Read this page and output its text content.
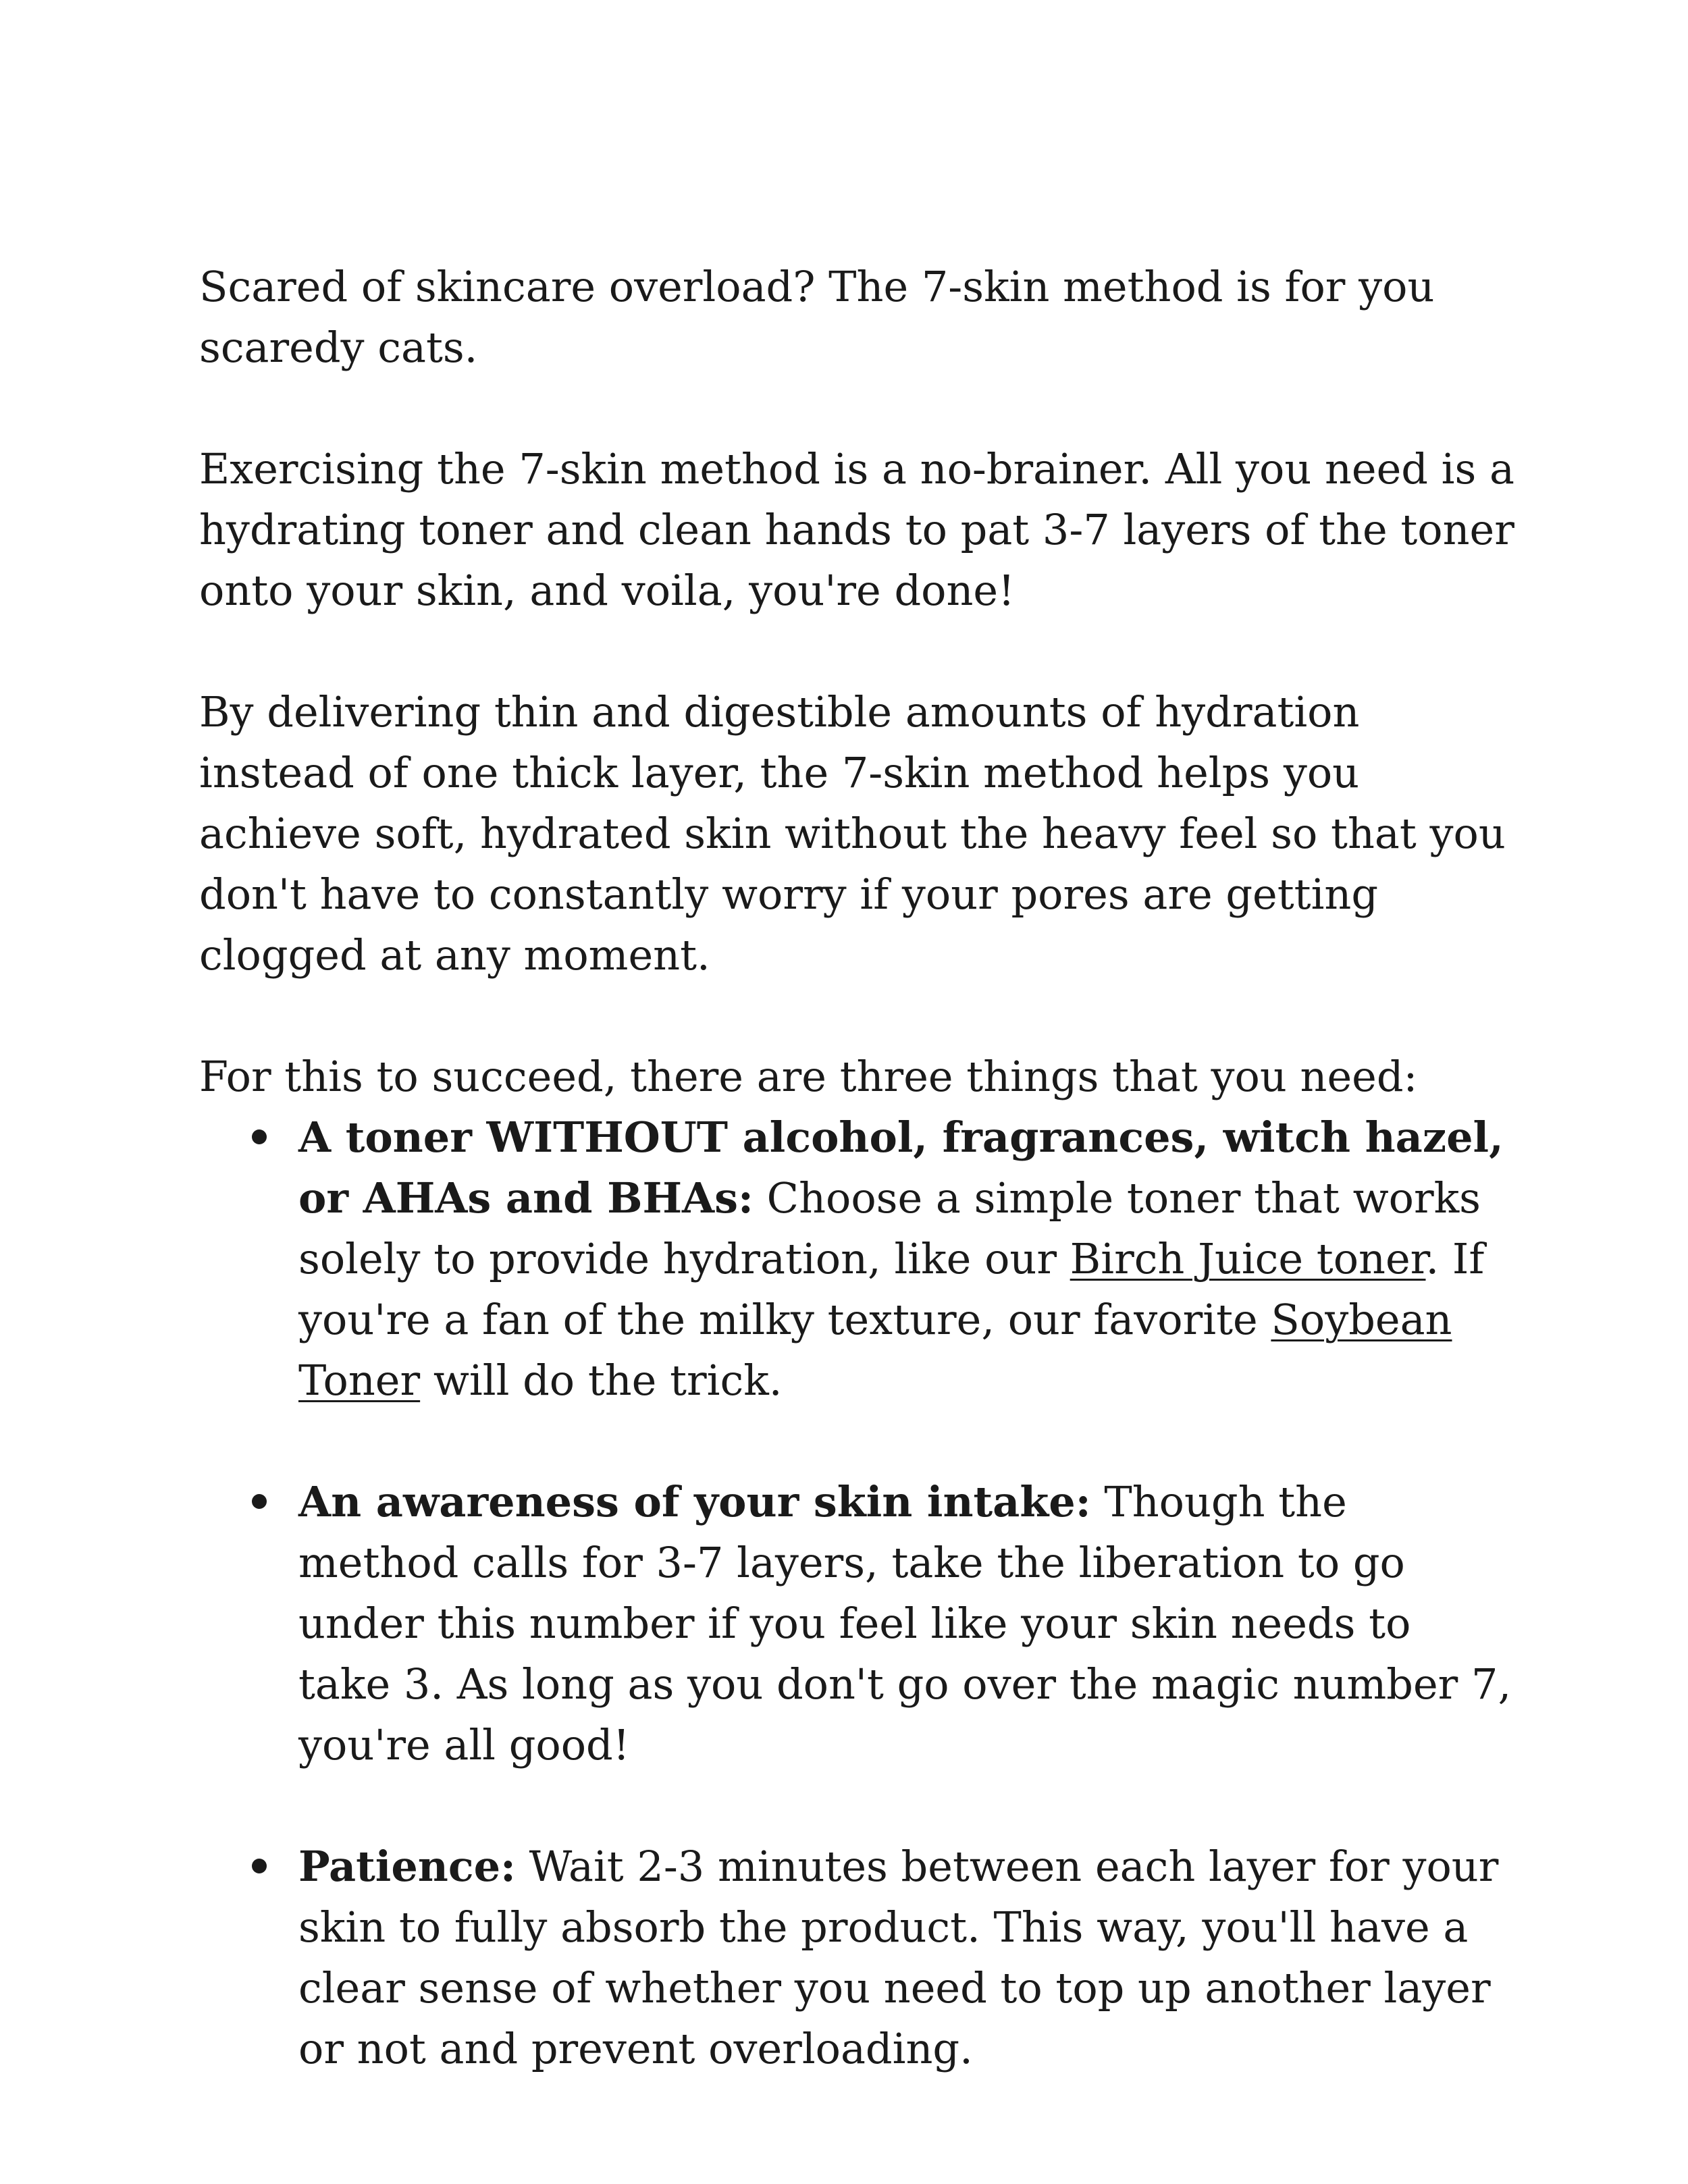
Scared of skincare overload? The 7-skin method is for you scaredy cats.

Exercising the 7-skin method is a no-brainer. All you need is a hydrating toner and clean hands to pat 3-7 layers of the toner onto your skin, and voila, you're done!

By delivering thin and digestible amounts of hydration instead of one thick layer, the 7-skin method helps you achieve soft, hydrated skin without the heavy feel so that you don't have to constantly worry if your pores are getting clogged at any moment.

For this to succeed, there are three things that you need:

A toner WITHOUT alcohol, fragrances, witch hazel, or AHAs and BHAs: Choose a simple toner that works solely to provide hydration, like our Birch Juice toner. If you're a fan of the milky texture, our favorite Soybean Toner will do the trick.
An awareness of your skin intake: Though the method calls for 3-7 layers, take the liberation to go under this number if you feel like your skin needs to take 3. As long as you don't go over the magic number 7, you're all good!
Patience: Wait 2-3 minutes between each layer for your skin to fully absorb the product. This way, you'll have a clear sense of whether you need to top up another layer or not and prevent overloading.
